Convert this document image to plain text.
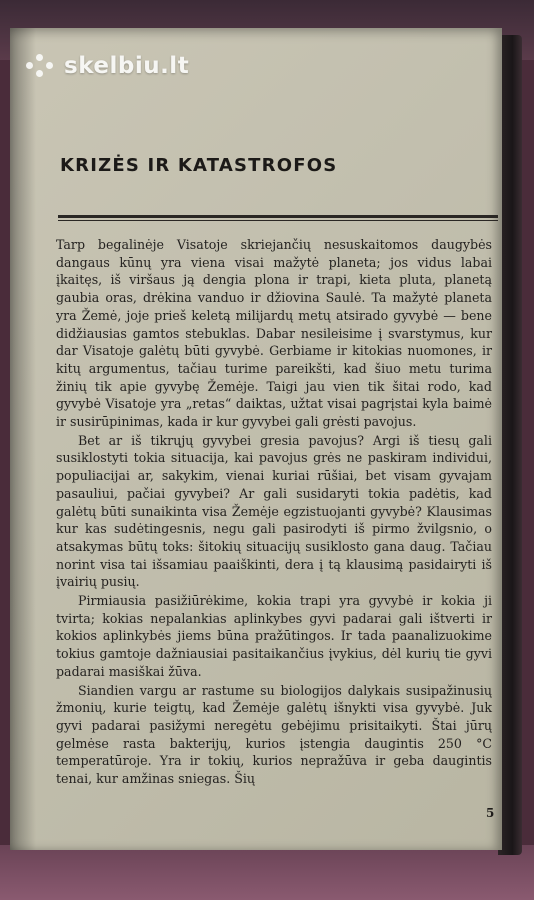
skelbiu.lt
KRIZĖS IR KATASTROFOS

Tarp begalinėje Visatoje skriejančių nesuskaitomos daugybės dangaus kūnų yra viena visai mažytė planeta; jos vidus labai įkaitęs, iš viršaus ją dengia plona ir trapi, kieta pluta, planetą gaubia oras, drėkina vanduo ir džiovina Saulė. Ta mažytė planeta yra Žemė, joje prieš keletą milijardų metų atsirado gyvybė — bene didžiausias gamtos stebuklas. Dabar nesileisime į svarstymus, kur dar Visatoje galėtų būti gyvybė. Gerbiame ir kitokias nuomones, ir kitų argumentus, tačiau turime pareikšti, kad šiuo metu turima žinių tik apie gyvybę Žemėje. Taigi jau vien tik šitai rodo, kad gyvybė Visatoje yra „retas“ daiktas, užtat visai pagrįstai kyla baimė ir susirūpinimas, kada ir kur gyvybei gali grėsti pavojus.

Bet ar iš tikrųjų gyvybei gresia pavojus? Argi iš tiesų gali susiklostyti tokia situacija, kai pavojus grės ne paskiram individui, populiacijai ar, sakykim, vienai kuriai rūšiai, bet visam gyvajam pasauliui, pačiai gyvybei? Ar gali susidaryti tokia padėtis, kad galėtų būti sunaikinta visa Žemėje egzistuojanti gyvybė? Klausimas kur kas sudėtingesnis, negu gali pasirodyti iš pirmo žvilgsnio, o atsakymas būtų toks: šitokių situacijų susiklosto gana daug. Tačiau norint visa tai išsamiau paaiškinti, dera į tą klausimą pasidairyti iš įvairių pusių.

Pirmiausia pasižiūrėkime, kokia trapi yra gyvybė ir kokia ji tvirta; kokias nepalankias aplinkybes gyvi padarai gali ištverti ir kokios aplinkybės jiems būna pražūtingos. Ir tada paanalizuokime tokius gamtoje dažniausiai pasitaikančius įvykius, dėl kurių tie gyvi padarai masiškai žūva.

Siandien vargu ar rastume su biologijos dalykais susipažinusių žmonių, kurie teigtų, kad Žemėje galėtų išnykti visa gyvybė. Juk gyvi padarai pasižymi neregėtu gebėjimu prisitaikyti. Štai jūrų gelmėse rasta bakterijų, kurios įstengia daugintis 250 °C temperatūroje. Yra ir tokių, kurios nepražūva ir geba daugintis tenai, kur amžinas sniegas. Šių

5
